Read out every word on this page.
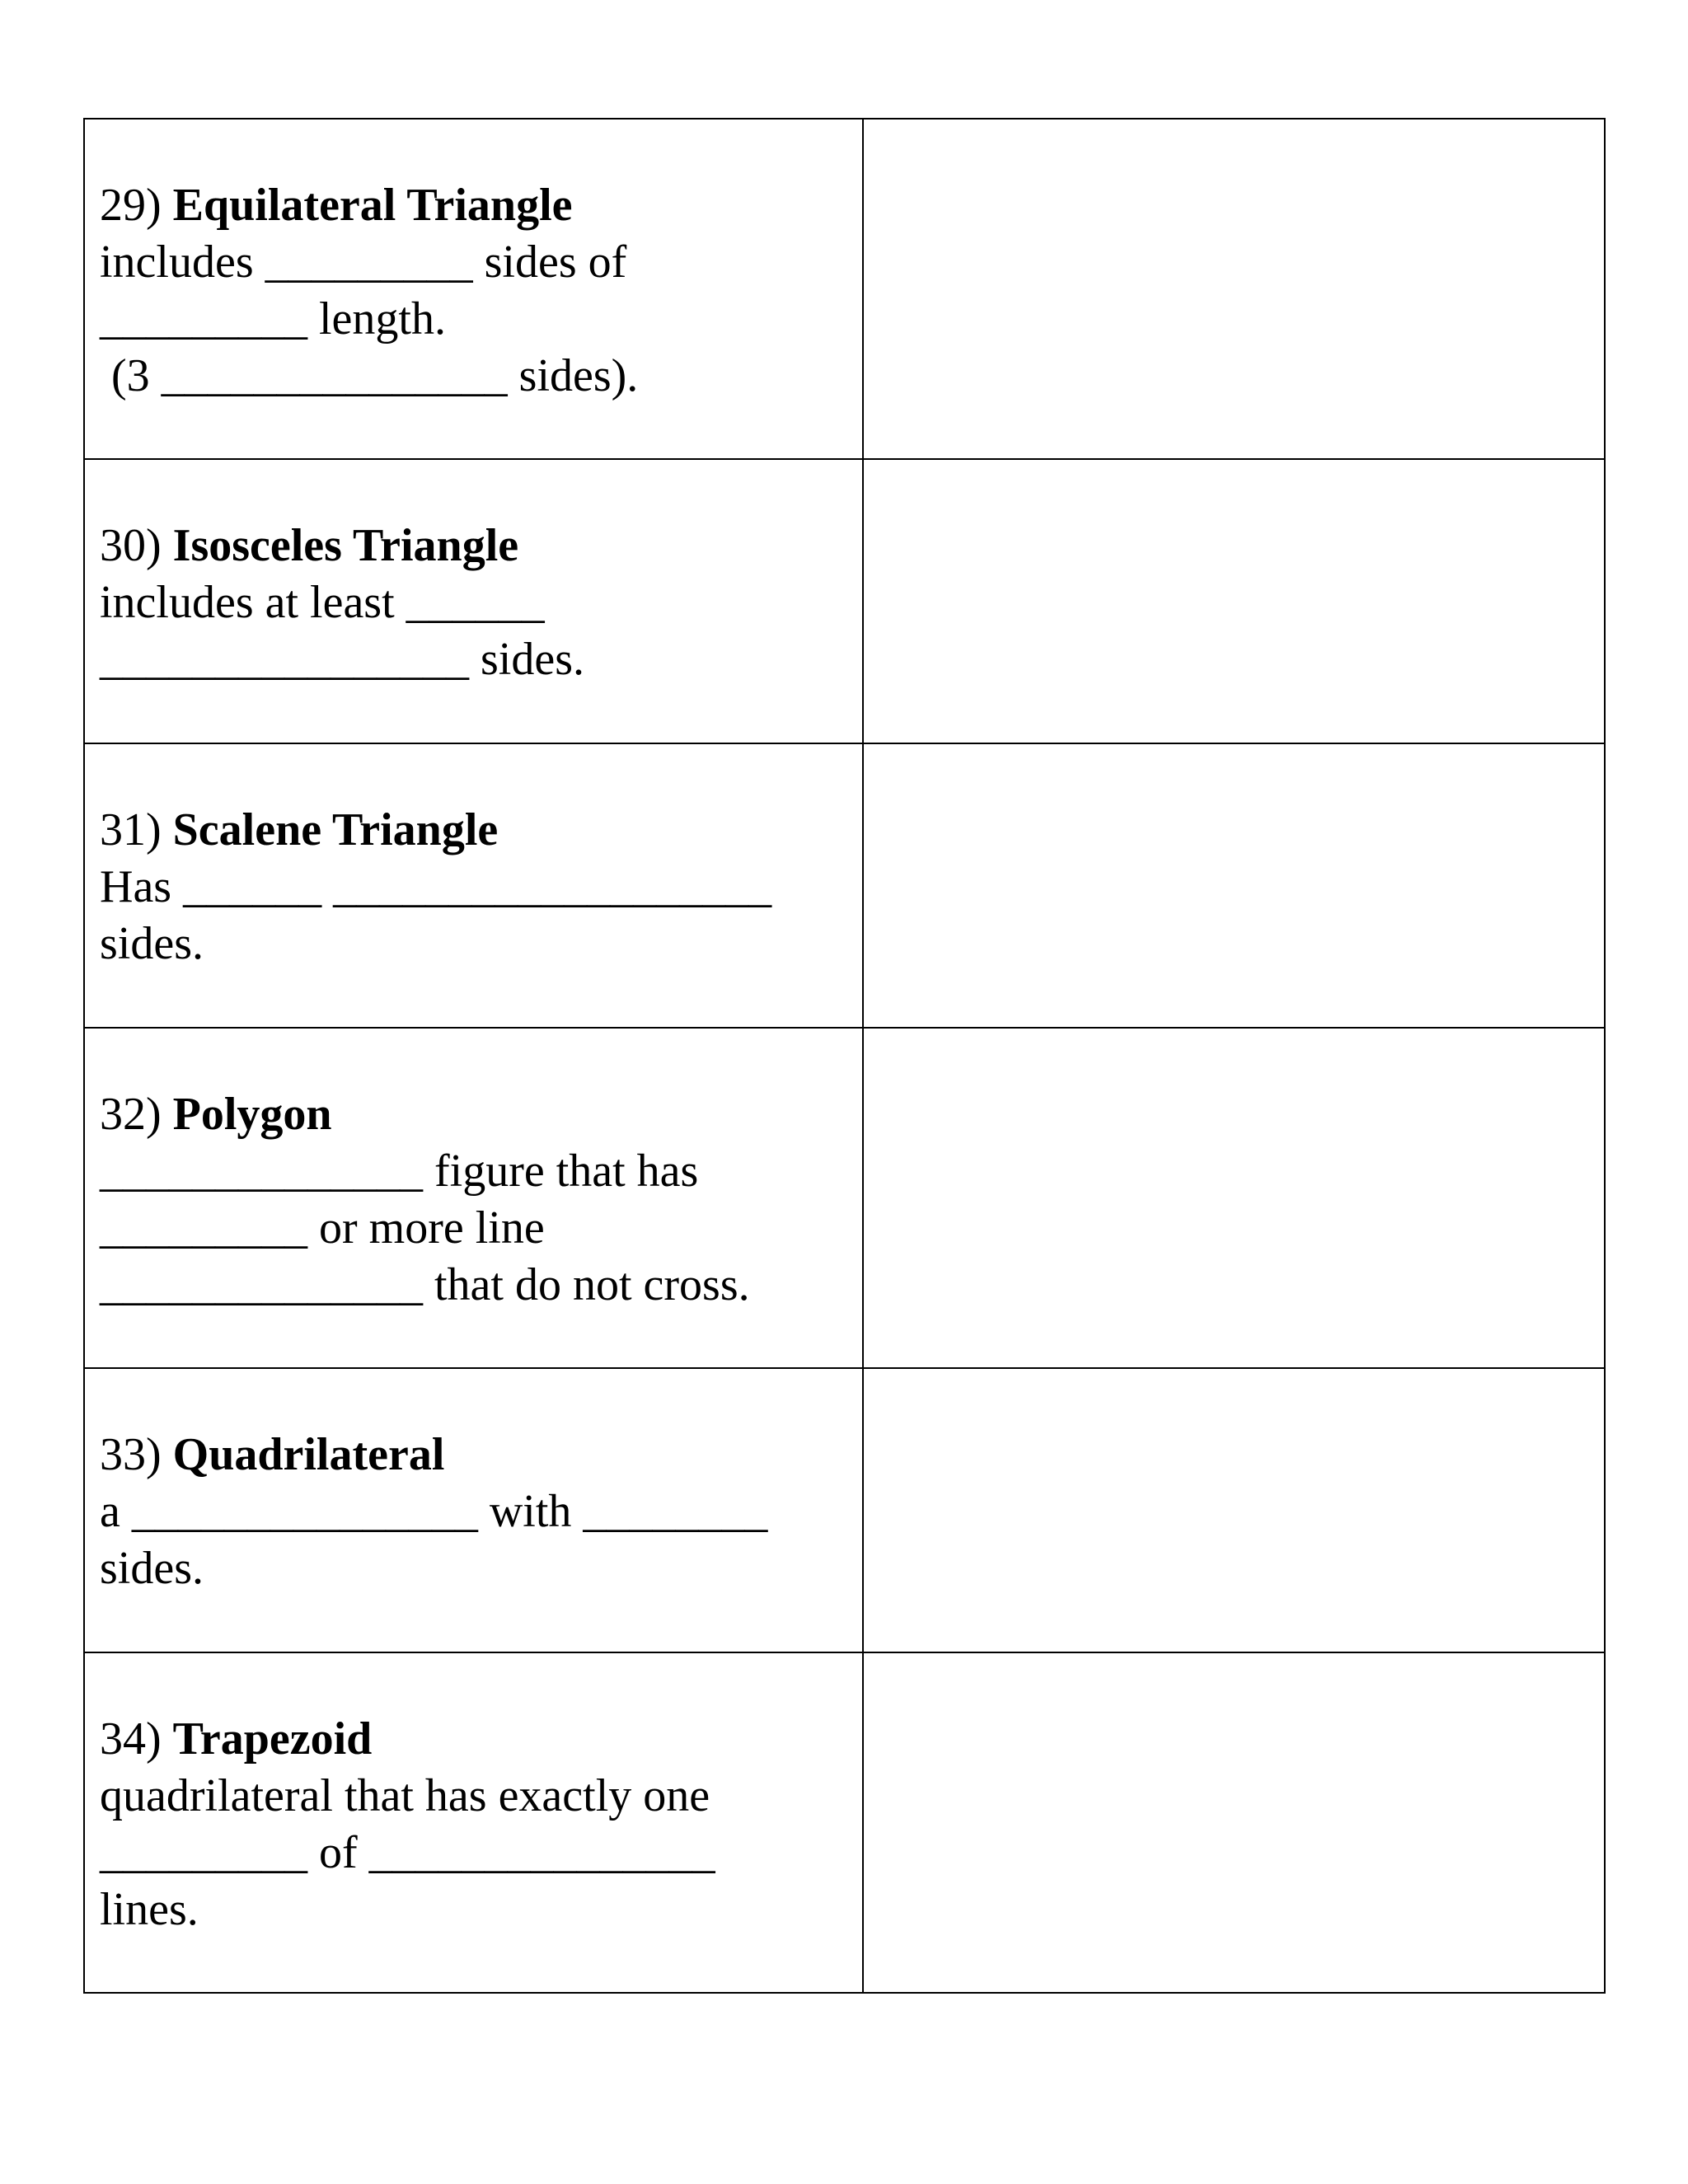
29) Equilateral Triangle
includes _________ sides of
_________ length.
(3 _______________ sides).	

30) Isosceles Triangle
includes at least ______
________________ sides.	

31) Scalene Triangle
Has ______ ___________________
sides.	

32) Polygon
______________ figure that has
_________ or more line
______________ that do not cross.	

33) Quadrilateral
a _______________ with ________
sides.	

34) Trapezoid
quadrilateral that has exactly one
_________ of _______________
lines.	
